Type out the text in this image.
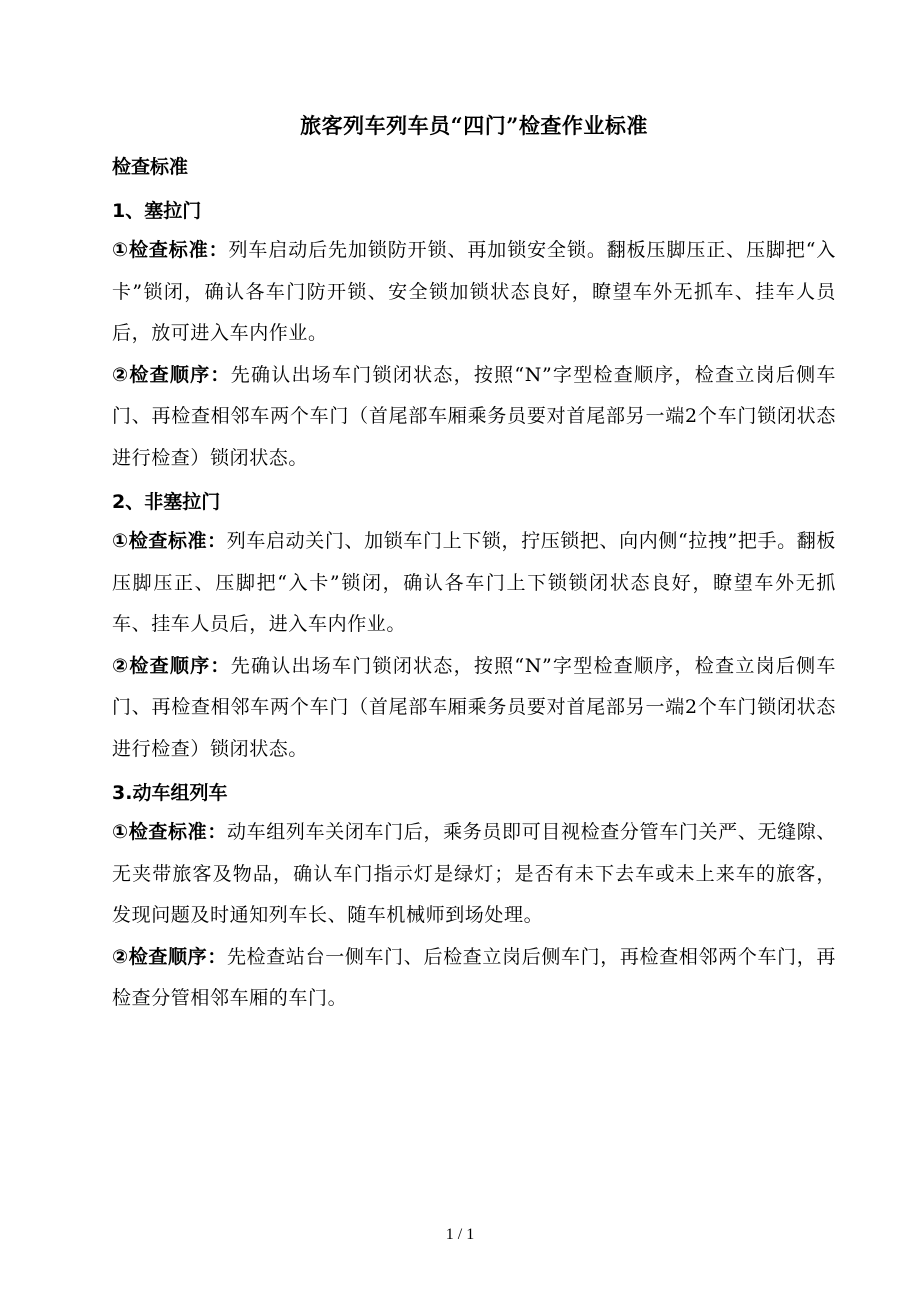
旅客列车列车员“四门”检查作业标准
检查标准
1、塞拉门

①检查标准：列车启动后先加锁防开锁、再加锁安全锁。翻板压脚压正、压脚把“入卡”锁闭，确认各车门防开锁、安全锁加锁状态良好，瞭望车外无抓车、挂车人员后，放可进入车内作业。

②检查顺序：先确认出场车门锁闭状态，按照“N”字型检查顺序，检查立岗后侧车门、再检查相邻车两个车门（首尾部车厢乘务员要对首尾部另一端2个车门锁闭状态进行检查）锁闭状态。

2、非塞拉门

①检查标准：列车启动关门、加锁车门上下锁，拧压锁把、向内侧“拉拽”把手。翻板压脚压正、压脚把“入卡”锁闭，确认各车门上下锁锁闭状态良好，瞭望车外无抓车、挂车人员后，进入车内作业。

②检查顺序：先确认出场车门锁闭状态，按照“N”字型检查顺序，检查立岗后侧车门、再检查相邻车两个车门（首尾部车厢乘务员要对首尾部另一端2个车门锁闭状态进行检查）锁闭状态。

3.动车组列车

①检查标准：动车组列车关闭车门后，乘务员即可目视检查分管车门关严、无缝隙、无夹带旅客及物品，确认车门指示灯是绿灯；是否有未下去车或未上来车的旅客，发现问题及时通知列车长、随车机械师到场处理。

②检查顺序：先检查站台一侧车门、后检查立岗后侧车门，再检查相邻两个车门，再检查分管相邻车厢的车门。

1 / 1
